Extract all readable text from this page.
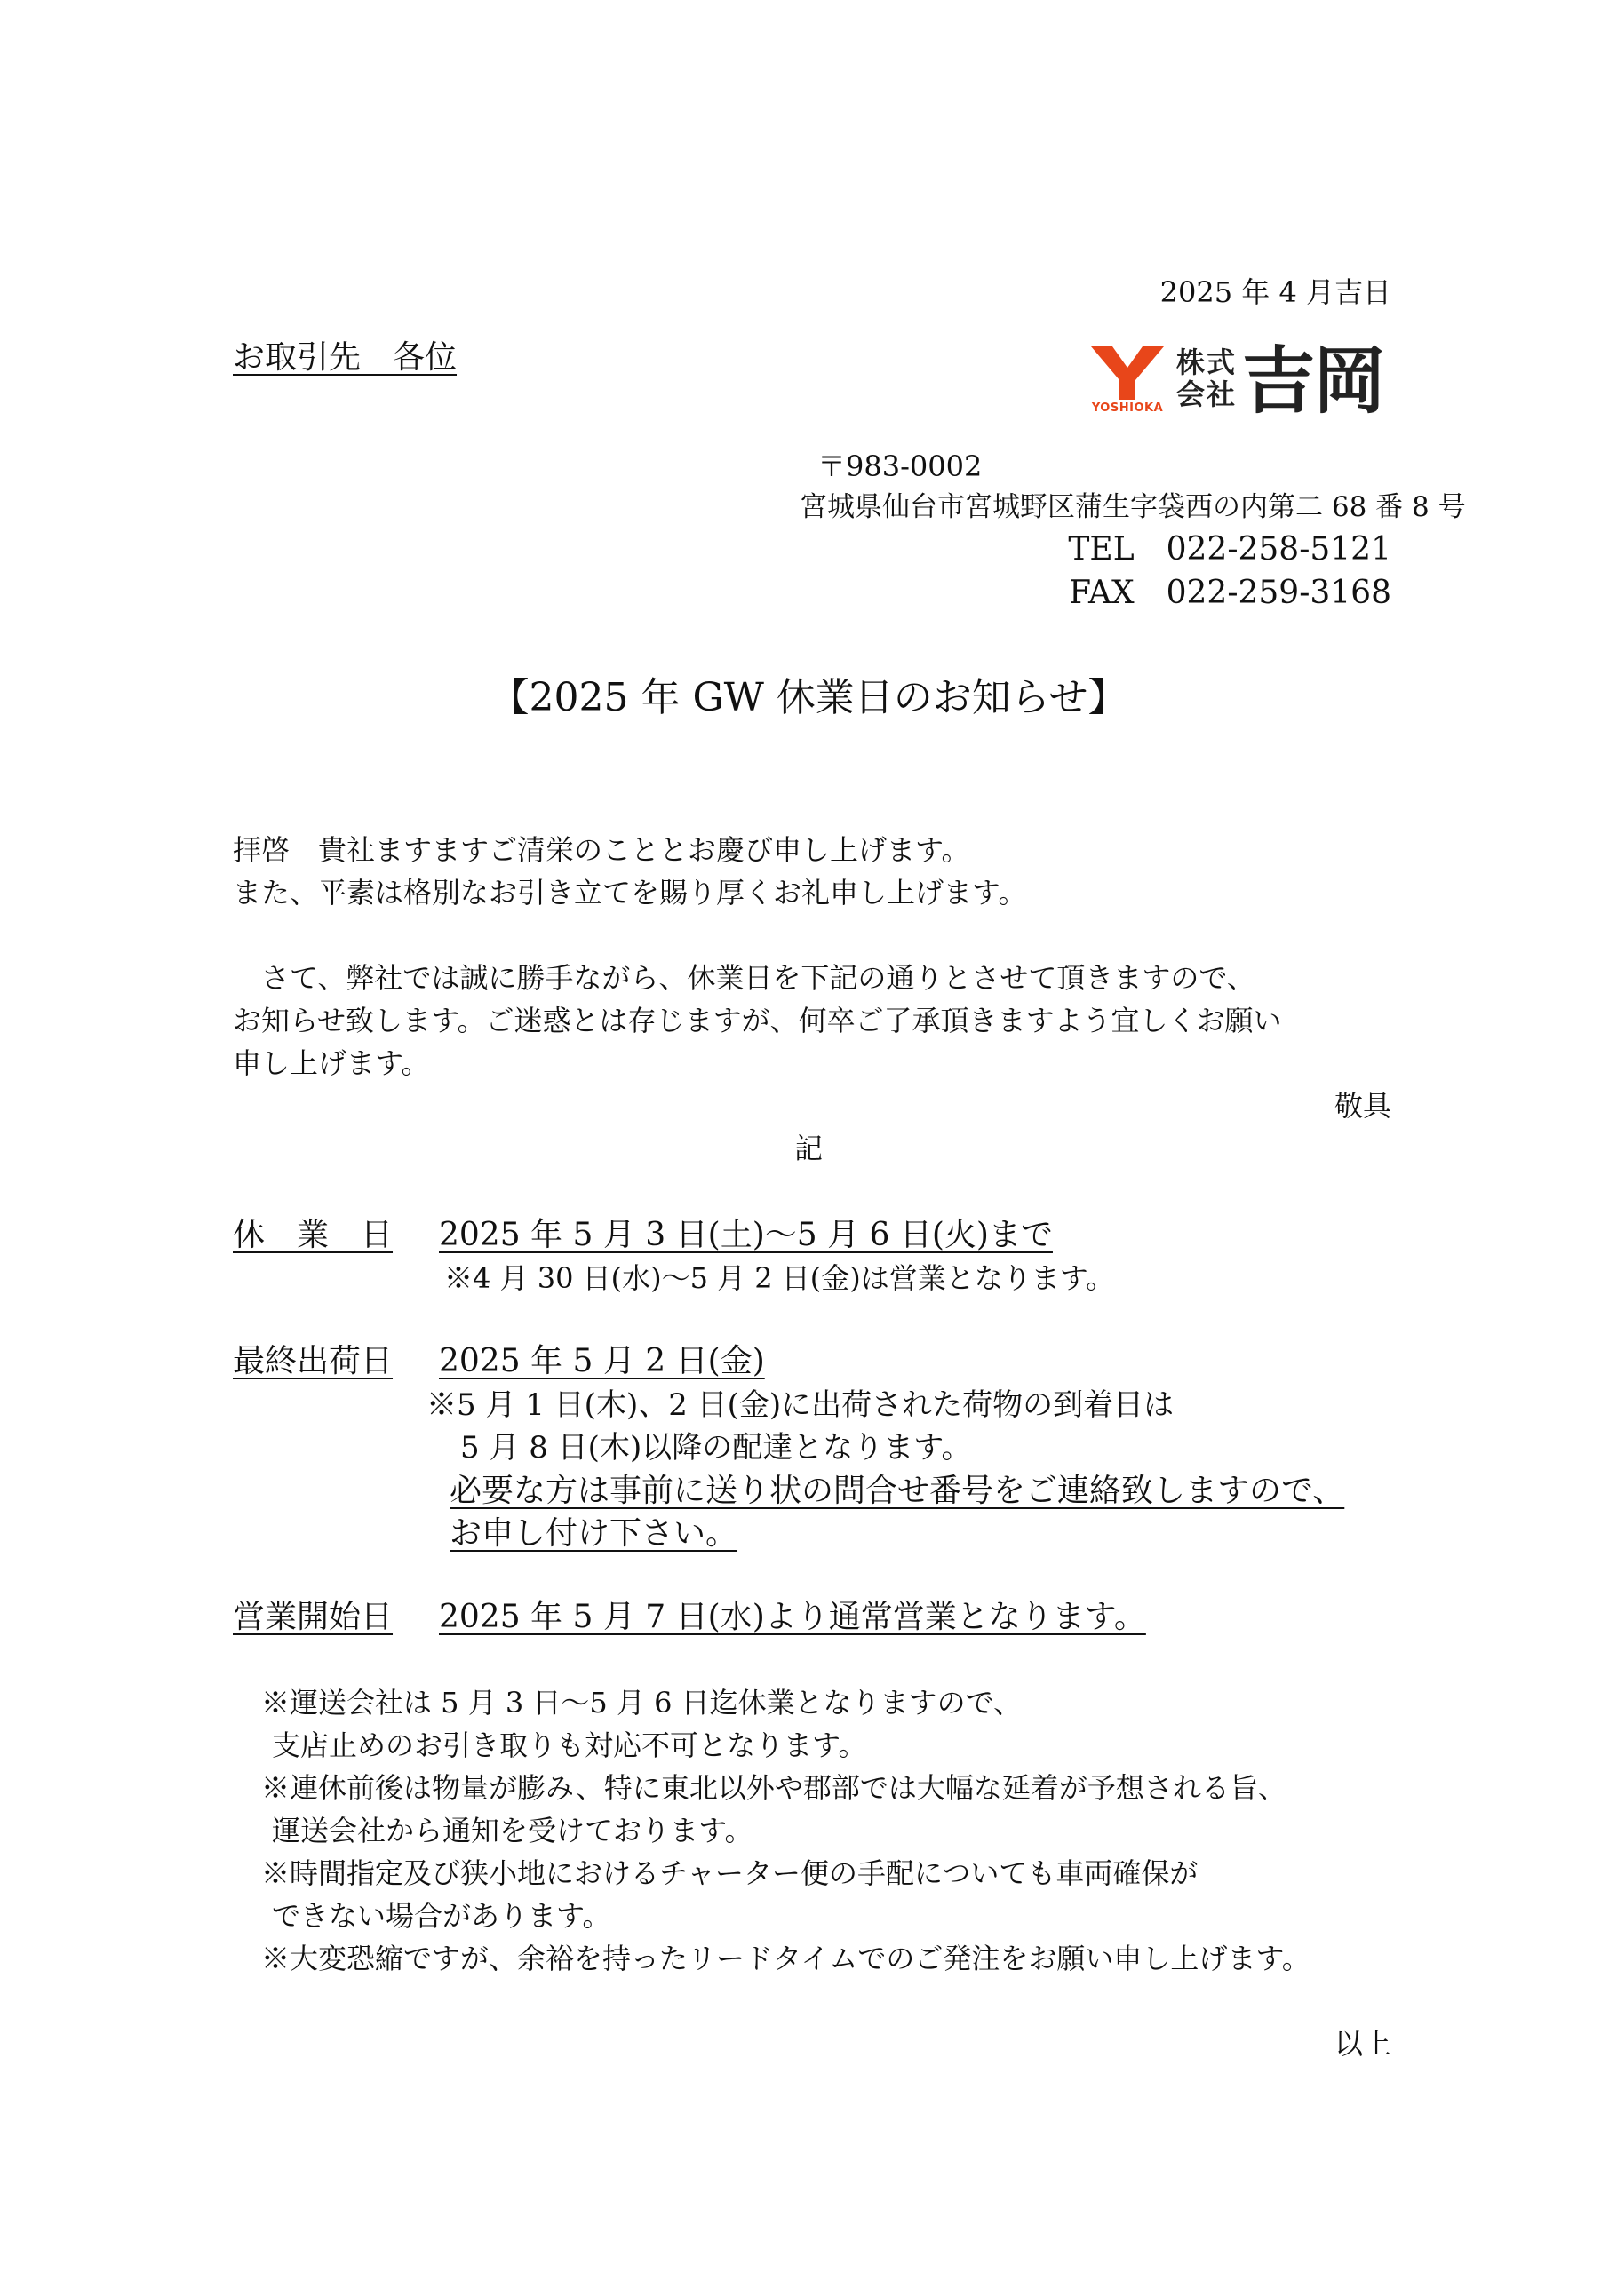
2025 年 4 月吉日
お取引先　各位
YOSHIOKA
株式
会社 吉岡
〒983-0002
宮城県仙台市宮城野区蒲生字袋西の内第二 68 番 8 号
TEL　022-258-5121
FAX　022-259-3168
【2025 年 GW 休業日のお知らせ】
拝啓　貴社ますますご清栄のこととお慶び申し上げます。
また、平素は格別なお引き立てを賜り厚くお礼申し上げます。
　さて、弊社では誠に勝手ながら、休業日を下記の通りとさせて頂きますので、
お知らせ致します。ご迷惑とは存じますが、何卒ご了承頂きますよう宜しくお願い
申し上げます。
敬具
記
休　業　日 2025 年 5 月 3 日(土)～5 月 6 日(火)まで
※4 月 30 日(水)～5 月 2 日(金)は営業となります。
最終出荷日 2025 年 5 月 2 日(金)
※5 月 1 日(木)、2 日(金)に出荷された荷物の到着日は
5 月 8 日(木)以降の配達となります。
必要な方は事前に送り状の問合せ番号をご連絡致しますので、
お申し付け下さい。
営業開始日 2025 年 5 月 7 日(水)より通常営業となります。
※運送会社は 5 月 3 日～5 月 6 日迄休業となりますので、
支店止めのお引き取りも対応不可となります。
※連休前後は物量が膨み、特に東北以外や郡部では大幅な延着が予想される旨、
運送会社から通知を受けております。
※時間指定及び狭小地におけるチャーター便の手配についても車両確保が
できない場合があります。
※大変恐縮ですが、余裕を持ったリードタイムでのご発注をお願い申し上げます。
以上
